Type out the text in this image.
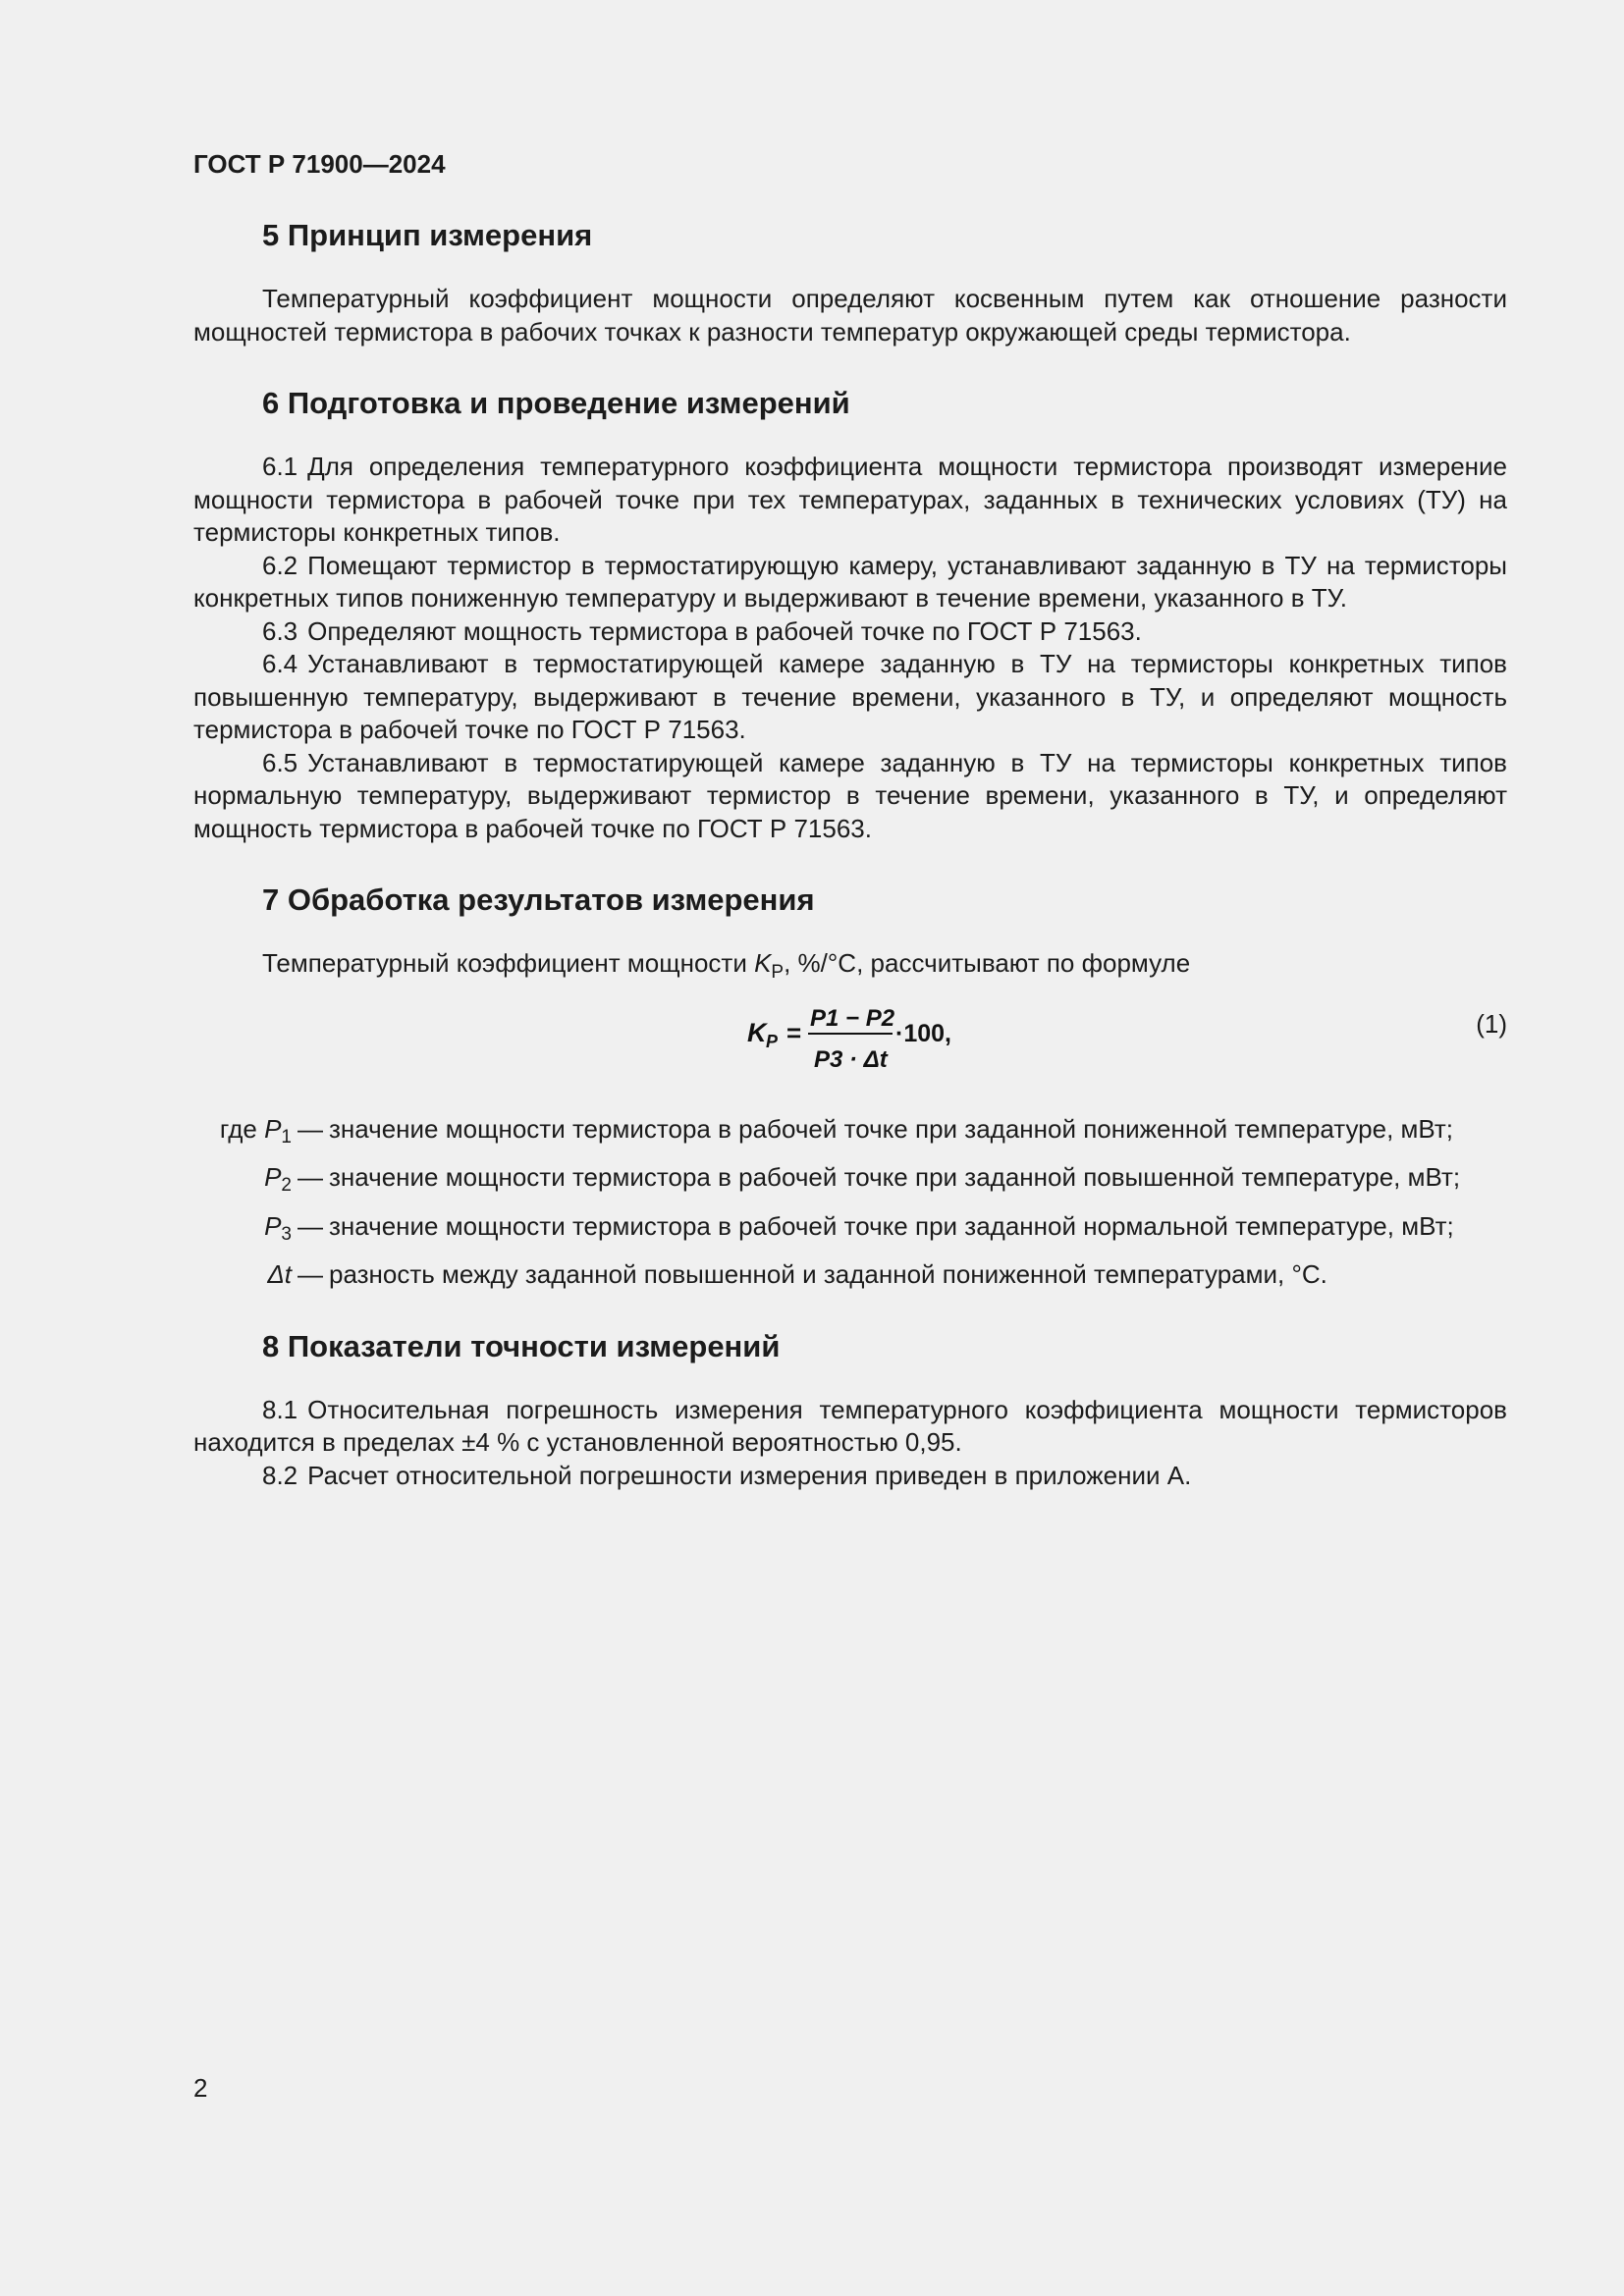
ГОСТ Р 71900—2024
5 Принцип измерения

Температурный коэффициент мощности определяют косвенным путем как отношение разности мощностей термистора в рабочих точках к разности температур окружающей среды термистора.

6 Подготовка и проведение измерений

6.1 Для определения температурного коэффициента мощности термистора производят измерение мощности термистора в рабочей точке при тех температурах, заданных в технических условиях (ТУ) на термисторы конкретных типов.

6.2 Помещают термистор в термостатирующую камеру, устанавливают заданную в ТУ на термисторы конкретных типов пониженную температуру и выдерживают в течение времени, указанного в ТУ.

6.3 Определяют мощность термистора в рабочей точке по ГОСТ Р 71563.

6.4 Устанавливают в термостатирующей камере заданную в ТУ на термисторы конкретных типов повышенную температуру, выдерживают в течение времени, указанного в ТУ, и определяют мощность термистора в рабочей точке по ГОСТ Р 71563.

6.5 Устанавливают в термостатирующей камере заданную в ТУ на термисторы конкретных типов нормальную температуру, выдерживают термистор в течение времени, указанного в ТУ, и определяют мощность термистора в рабочей точке по ГОСТ Р 71563.

7 Обработка результатов измерения

Температурный коэффициент мощности $K_P$, %/°С, рассчитывают по формуле

K P = P1 − P2
P3 · Δt
·100,	(1)
где $P_1$ — значение мощности термистора в рабочей точке при заданной пониженной температуре, мВт;
$P_2$ — значение мощности термистора в рабочей точке при заданной повышенной температуре, мВт;
$P_3$ — значение мощности термистора в рабочей точке при заданной нормальной температуре, мВт;
Δt — разность между заданной повышенной и заданной пониженной температурами, °С.
8 Показатели точности измерений

8.1 Относительная погрешность измерения температурного коэффициента мощности термисторов находится в пределах ±4 % с установленной вероятностью 0,95.

8.2 Расчет относительной погрешности измерения приведен в приложении А.

2
